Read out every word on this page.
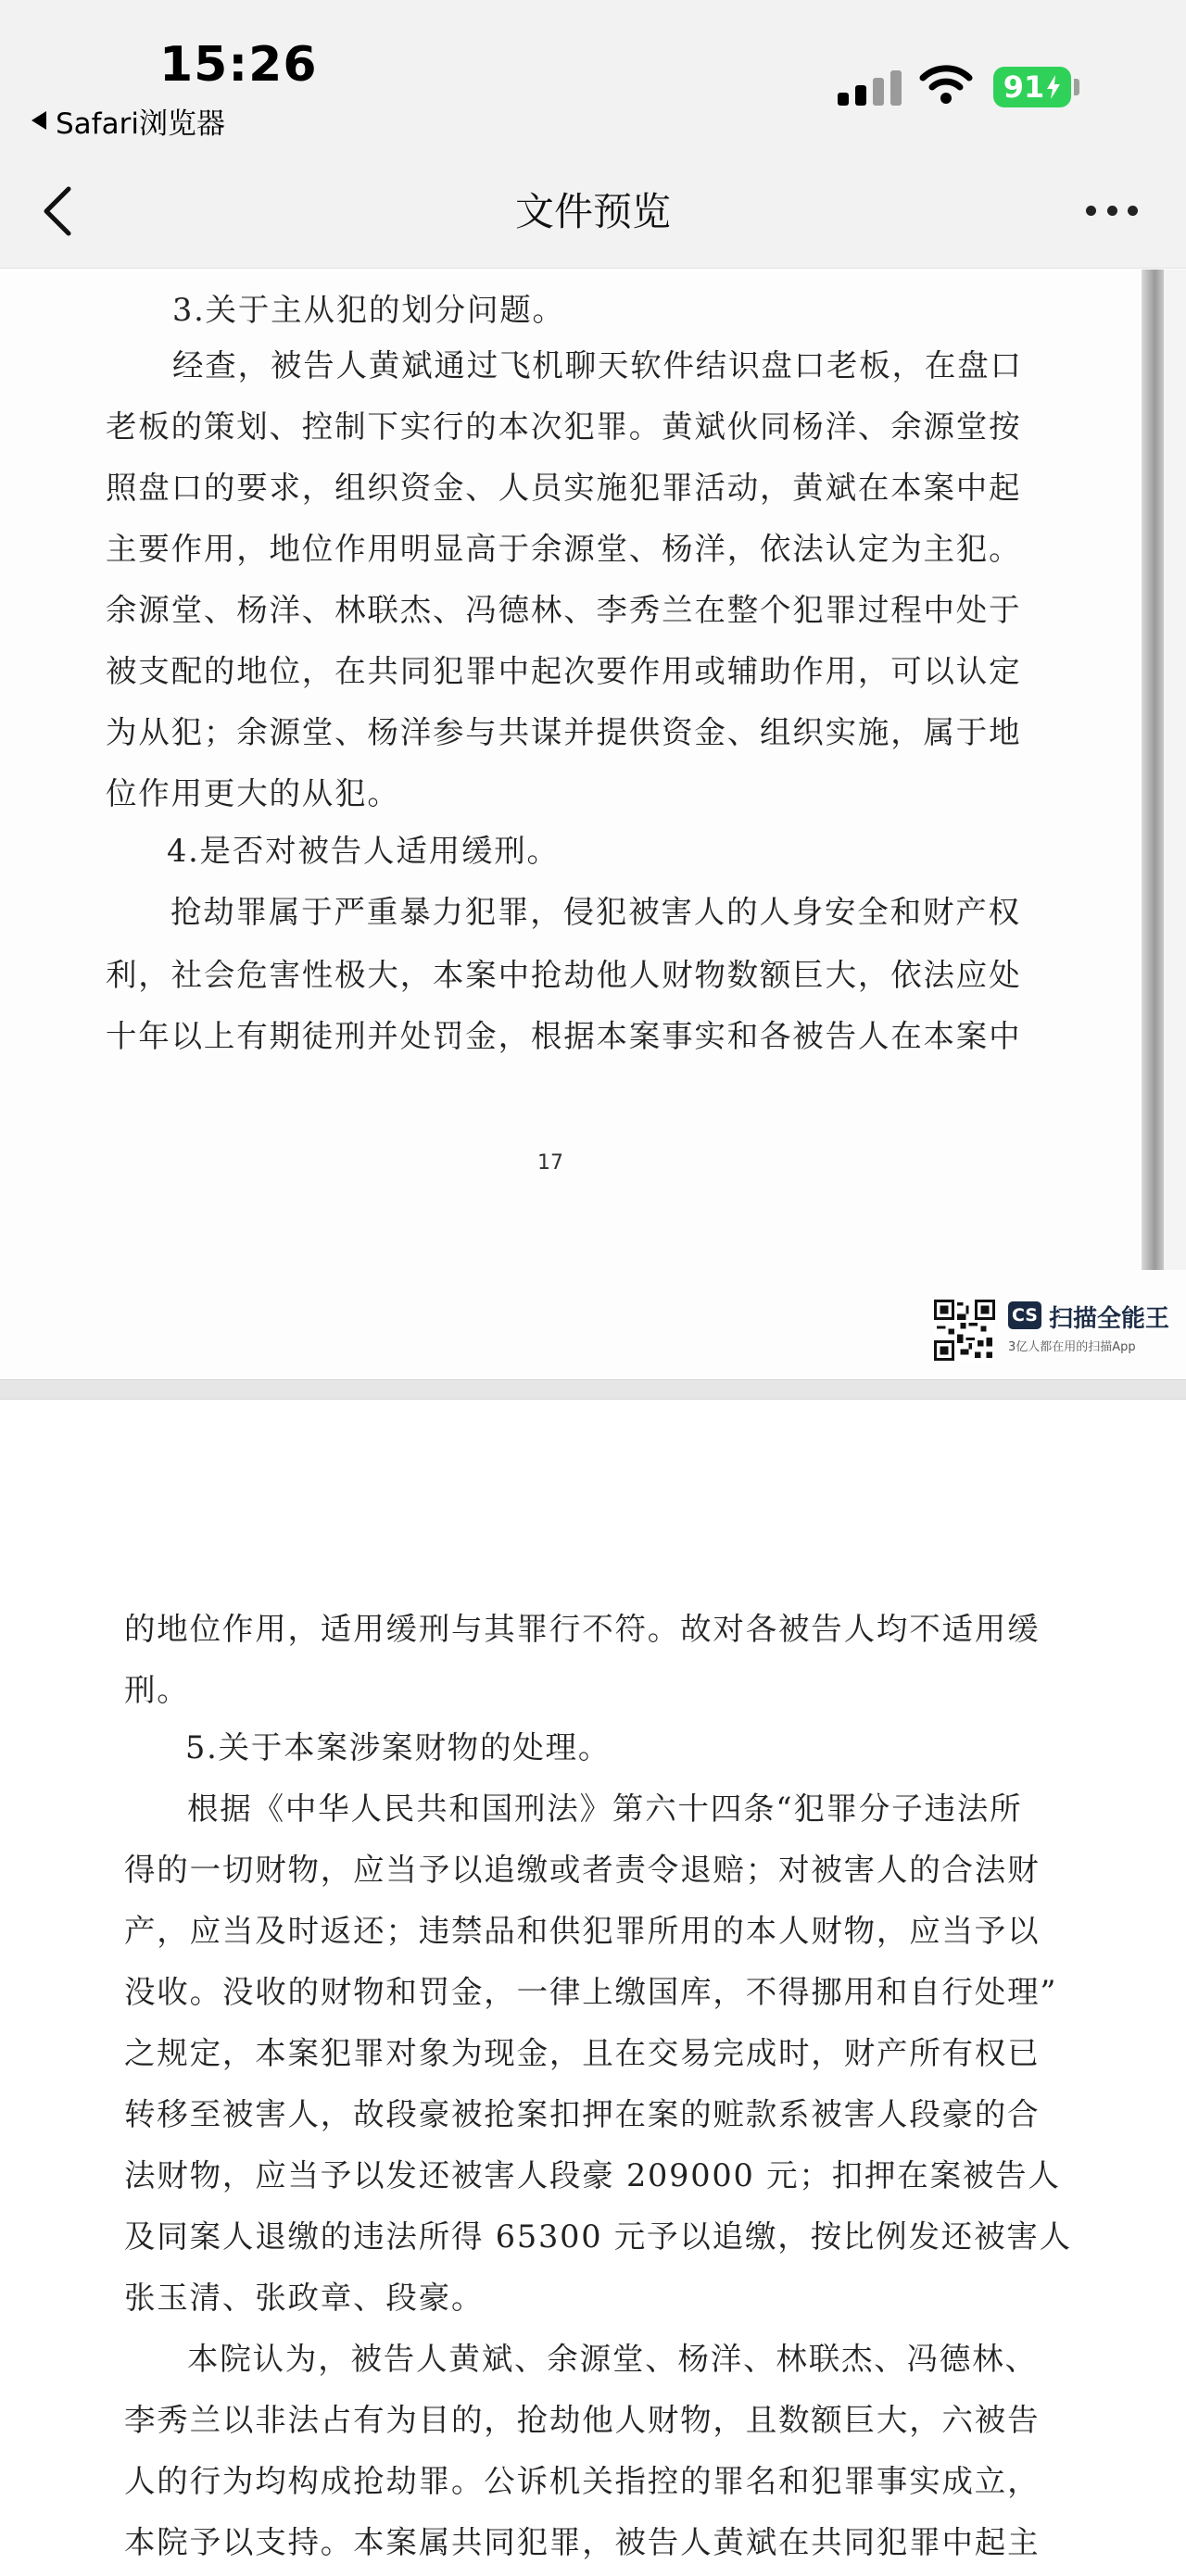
15:26
Safari浏览器
91
文件预览
3.关于主从犯的划分问题。
经查，被告人黄斌通过飞机聊天软件结识盘口老板，在盘口
老板的策划、控制下实行的本次犯罪。黄斌伙同杨洋、余源堂按
照盘口的要求，组织资金、人员实施犯罪活动，黄斌在本案中起
主要作用，地位作用明显高于余源堂、杨洋，依法认定为主犯。
余源堂、杨洋、林联杰、冯德林、李秀兰在整个犯罪过程中处于
被支配的地位，在共同犯罪中起次要作用或辅助作用，可以认定
为从犯；余源堂、杨洋参与共谋并提供资金、组织实施，属于地
位作用更大的从犯。
4.是否对被告人适用缓刑。
抢劫罪属于严重暴力犯罪，侵犯被害人的人身安全和财产权
利，社会危害性极大，本案中抢劫他人财物数额巨大，依法应处
十年以上有期徒刑并处罚金，根据本案事实和各被告人在本案中
17
CS 扫描全能王
3亿人都在用的扫描App
的地位作用，适用缓刑与其罪行不符。故对各被告人均不适用缓
刑。
5.关于本案涉案财物的处理。
根据《中华人民共和国刑法》第六十四条“犯罪分子违法所
得的一切财物，应当予以追缴或者责令退赔；对被害人的合法财
产，应当及时返还；违禁品和供犯罪所用的本人财物，应当予以
没收。没收的财物和罚金，一律上缴国库，不得挪用和自行处理”
之规定，本案犯罪对象为现金，且在交易完成时，财产所有权已
转移至被害人，故段豪被抢案扣押在案的赃款系被害人段豪的合
法财物，应当予以发还被害人段豪 209000 元；扣押在案被告人
及同案人退缴的违法所得 65300 元予以追缴，按比例发还被害人
张玉清、张政章、段豪。
本院认为，被告人黄斌、余源堂、杨洋、林联杰、冯德林、
李秀兰以非法占有为目的，抢劫他人财物，且数额巨大，六被告
人的行为均构成抢劫罪。公诉机关指控的罪名和犯罪事实成立，
本院予以支持。本案属共同犯罪，被告人黄斌在共同犯罪中起主
